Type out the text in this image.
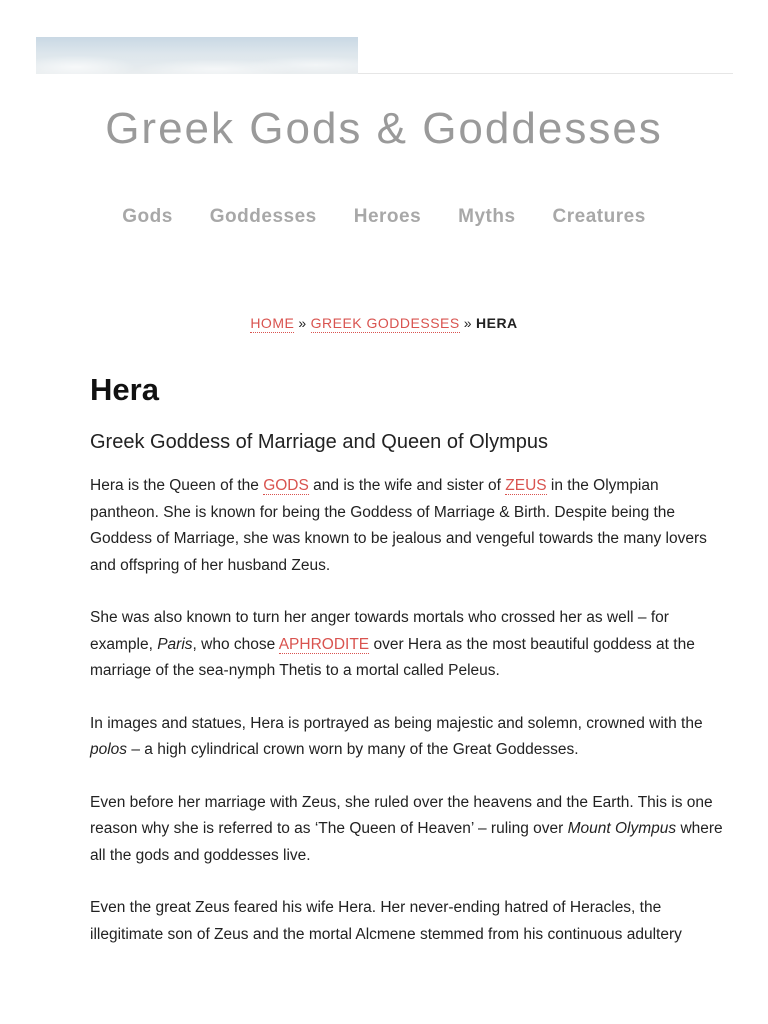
Greek Gods & Goddesses
Gods Goddesses Heroes Myths Creatures
HOME » GREEK GODDESSES » HERA
Hera
Greek Goddess of Marriage and Queen of Olympus

Hera is the Queen of the GODS and is the wife and sister of ZEUS in the Olympian pantheon. She is known for being the Goddess of Marriage & Birth. Despite being the Goddess of Marriage, she was known to be jealous and vengeful towards the many lovers and offspring of her husband Zeus.

She was also known to turn her anger towards mortals who crossed her as well – for example, Paris, who chose APHRODITE over Hera as the most beautiful goddess at the marriage of the sea-nymph Thetis to a mortal called Peleus.

In images and statues, Hera is portrayed as being majestic and solemn, crowned with the polos – a high cylindrical crown worn by many of the Great Goddesses.

Even before her marriage with Zeus, she ruled over the heavens and the Earth. This is one reason why she is referred to as ‘The Queen of Heaven’ – ruling over Mount Olympus where all the gods and goddesses live.

Even the great Zeus feared his wife Hera. Her never-ending hatred of Heracles, the illegitimate son of Zeus and the mortal Alcmene stemmed from his continuous adultery
